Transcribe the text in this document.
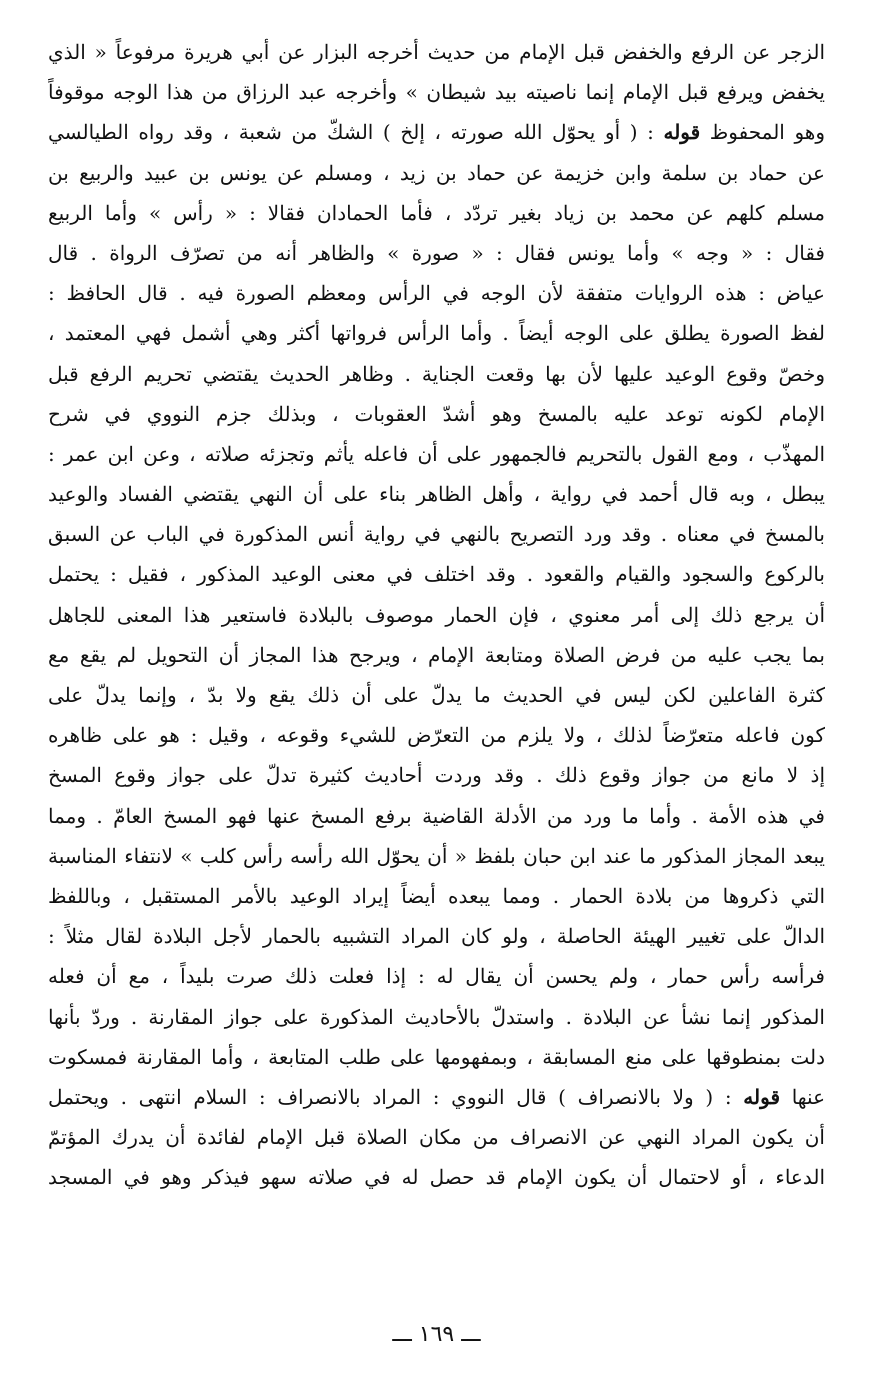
الزجر عن الرفع والخفض قبل الإمام من حديث أخرجه البزار عن أبي هريرة مرفوعاً « الذي
يخفض ويرفع قبل الإمام إنما ناصيته بيد شيطان » وأخرجه عبد الرزاق من هذا الوجه موقوفاً
وهو المحفوظ قوله : ( أو يحوّل الله صورته ، إلخ ) الشكّ من شعبة ، وقد رواه الطيالسي
عن حماد بن سلمة وابن خزيمة عن حماد بن زيد ، ومسلم عن يونس بن عبيد والربيع بن
مسلم كلهم عن محمد بن زياد بغير تردّد ، فأما الحمادان فقالا : « رأس » وأما الربيع
فقال : « وجه » وأما يونس فقال : « صورة » والظاهر أنه من تصرّف الرواة . قال
عياض : هذه الروايات متفقة لأن الوجه في الرأس ومعظم الصورة فيه . قال الحافظ :
لفظ الصورة يطلق على الوجه أيضاً . وأما الرأس فرواتها أكثر وهي أشمل فهي المعتمد ،
وخصّ وقوع الوعيد عليها لأن بها وقعت الجناية . وظاهر الحديث يقتضي تحريم الرفع قبل
الإمام لكونه توعد عليه بالمسخ وهو أشدّ العقوبات ، وبذلك جزم النووي في شرح
المهذّب ، ومع القول بالتحريم فالجمهور على أن فاعله يأثم وتجزئه صلاته ، وعن ابن عمر :
يبطل ، وبه قال أحمد في رواية ، وأهل الظاهر بناء على أن النهي يقتضي الفساد والوعيد
بالمسخ في معناه . وقد ورد التصريح بالنهي في رواية أنس المذكورة في الباب عن السبق
بالركوع والسجود والقيام والقعود . وقد اختلف في معنى الوعيد المذكور ، فقيل : يحتمل
أن يرجع ذلك إلى أمر معنوي ، فإن الحمار موصوف بالبلادة فاستعير هذا المعنى للجاهل
بما يجب عليه من فرض الصلاة ومتابعة الإمام ، ويرجح هذا المجاز أن التحويل لم يقع مع
كثرة الفاعلين لكن ليس في الحديث ما يدلّ على أن ذلك يقع ولا بدّ ، وإنما يدلّ على
كون فاعله متعرّضاً لذلك ، ولا يلزم من التعرّض للشيء وقوعه ، وقيل : هو على ظاهره
إذ لا مانع من جواز وقوع ذلك . وقد وردت أحاديث كثيرة تدلّ على جواز وقوع المسخ
في هذه الأمة . وأما ما ورد من الأدلة القاضية برفع المسخ عنها فهو المسخ العامّ . ومما
يبعد المجاز المذكور ما عند ابن حبان بلفظ « أن يحوّل الله رأسه رأس كلب » لانتفاء المناسبة
التي ذكروها من بلادة الحمار . ومما يبعده أيضاً إيراد الوعيد بالأمر المستقبل ، وباللفظ
الدالّ على تغيير الهيئة الحاصلة ، ولو كان المراد التشبيه بالحمار لأجل البلادة لقال مثلاً :
فرأسه رأس حمار ، ولم يحسن أن يقال له : إذا فعلت ذلك صرت بليداً ، مع أن فعله
المذكور إنما نشأ عن البلادة . واستدلّ بالأحاديث المذكورة على جواز المقارنة . وردّ بأنها
دلت بمنطوقها على منع المسابقة ، وبمفهومها على طلب المتابعة ، وأما المقارنة فمسكوت
عنها قوله : ( ولا بالانصراف ) قال النووي : المراد بالانصراف : السلام انتهى . ويحتمل
أن يكون المراد النهي عن الانصراف من مكان الصلاة قبل الإمام لفائدة أن يدرك المؤتمّ
الدعاء ، أو لاحتمال أن يكون الإمام قد حصل له في صلاته سهو فيذكر وهو في المسجد
ـــ ١٦٩ ـــ
